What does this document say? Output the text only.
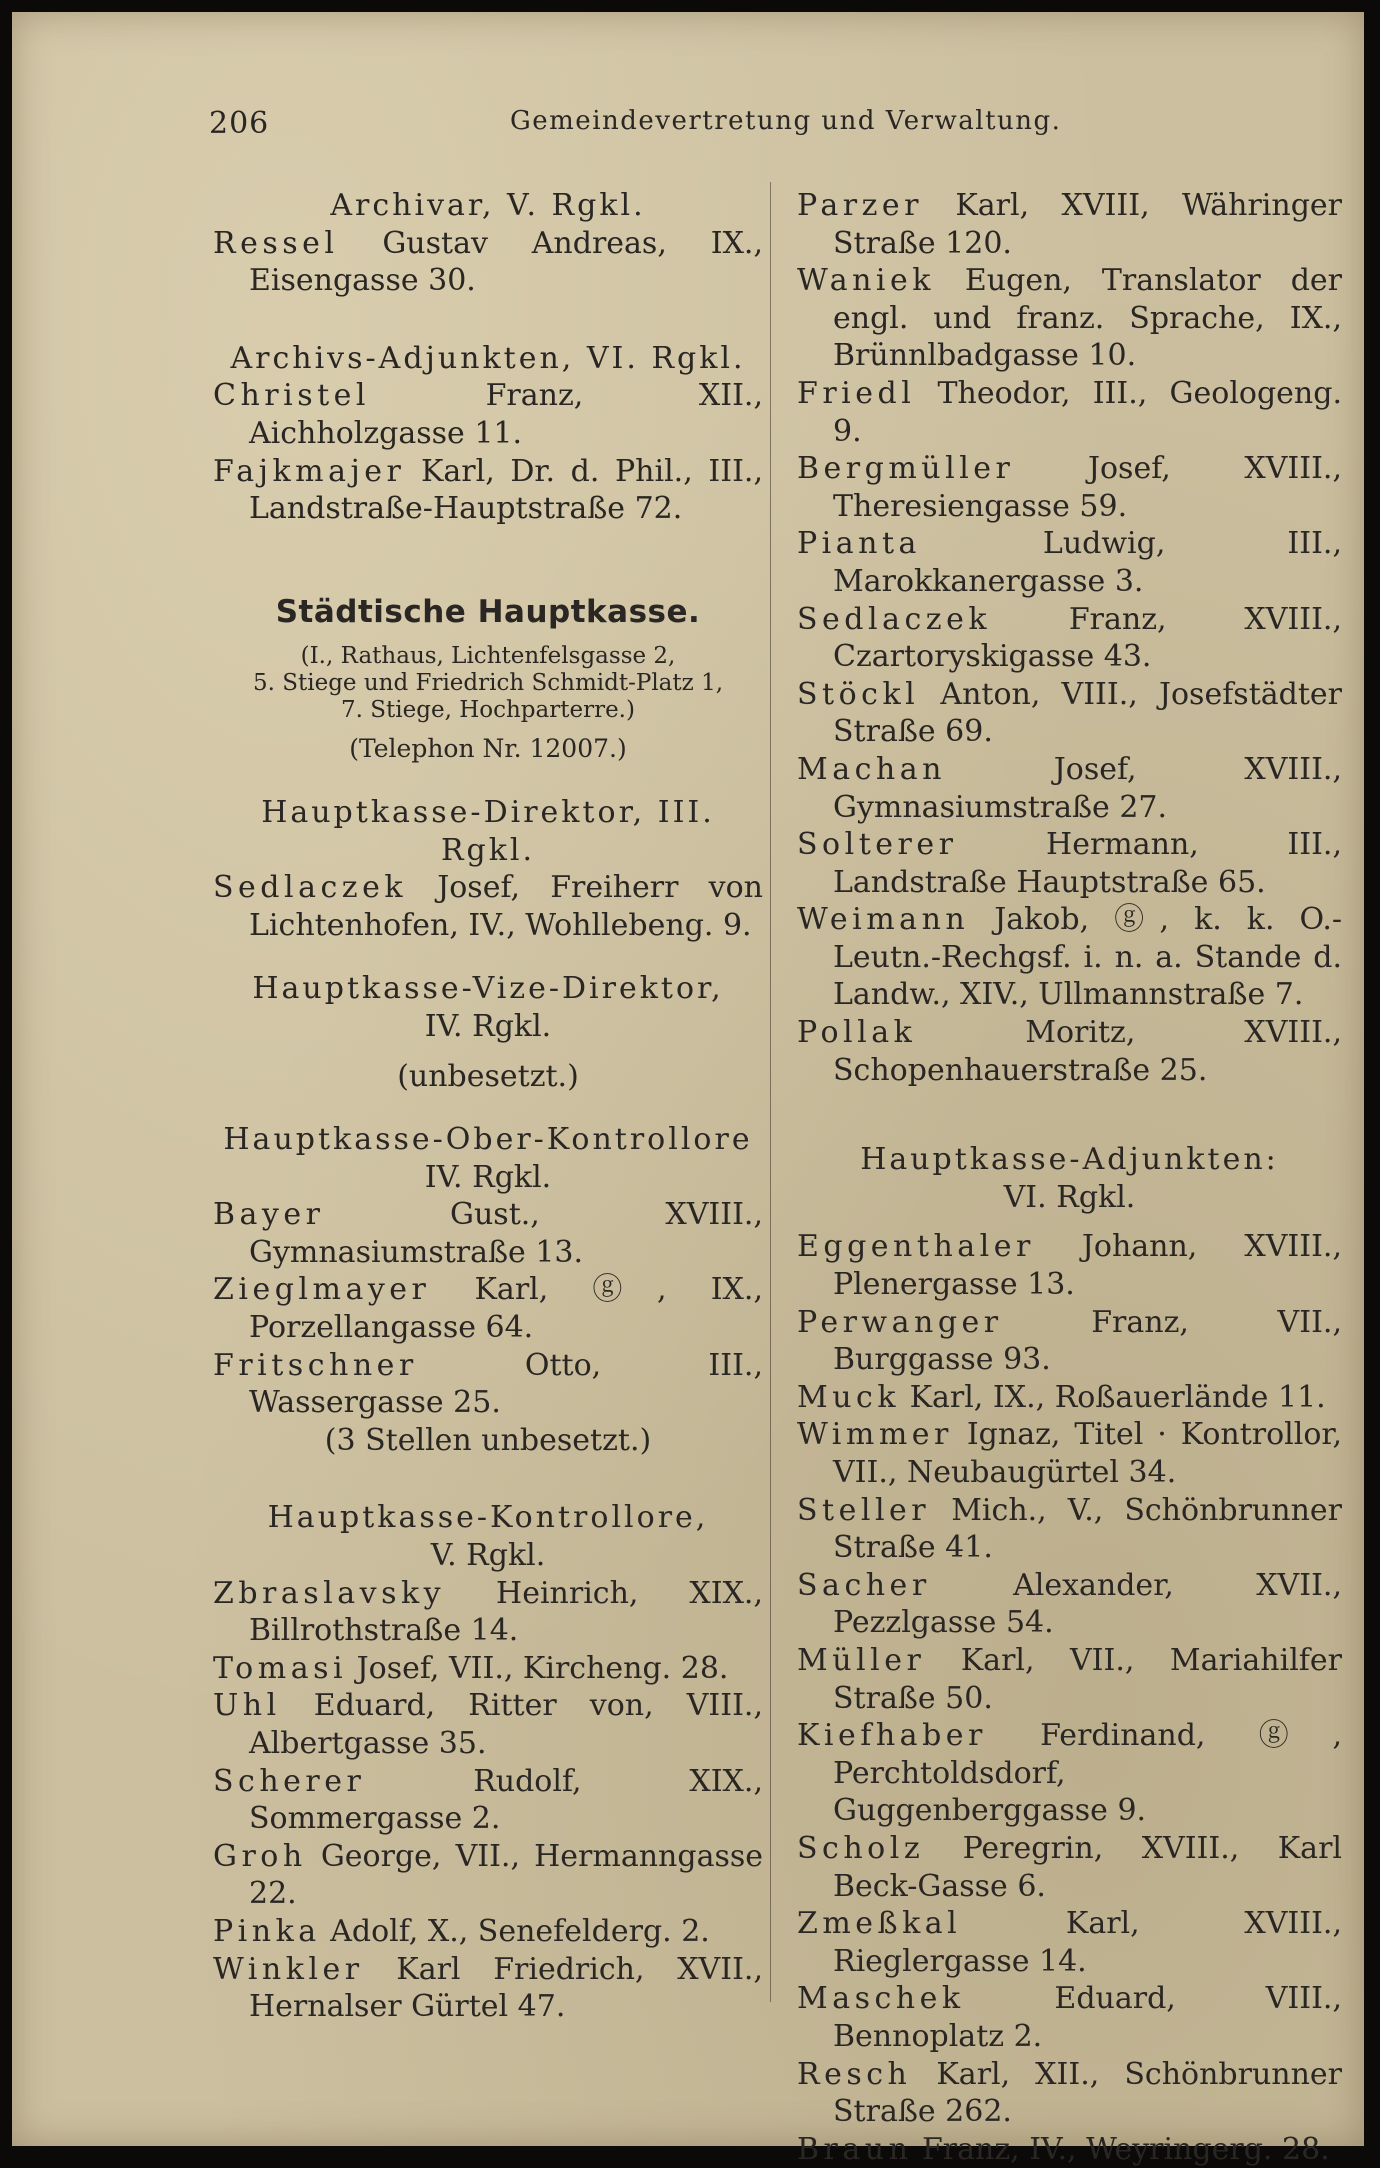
206	Gemeindevertretung und Verwaltung.

Archivar, V. Rgkl.

Ressel Gustav Andreas, IX., Eisengasse 30.

Archivs-Adjunkten, VI. Rgkl.

Christel Franz, XII., Aichholzgasse 11.

Fajkmajer Karl, Dr. d. Phil., III., Landstraße-Hauptstraße 72.

Städtische Hauptkasse.

(I., Rathaus, Lichtenfelsgasse 2,

5. Stiege und Friedrich Schmidt-Platz 1,

7. Stiege, Hochparterre.)

(Telephon Nr. 12007.)

Hauptkasse-Direktor, III. Rgkl.

Sedlaczek Josef, Freiherr von Lichtenhofen, IV., Wohllebeng. 9.

Hauptkasse-Vize-Direktor,

IV. Rgkl.

(unbesetzt.)

Hauptkasse-Ober-Kontrollore

IV. Rgkl.

Bayer Gust., XVIII., Gymnasiumstraße 13.

Zieglmayer Karl, ⓖ, IX., Porzellangasse 64.

Fritschner Otto, III., Wassergasse 25.

(3 Stellen unbesetzt.)

Hauptkasse-Kontrollore,

V. Rgkl.

Zbraslavsky Heinrich, XIX., Billrothstraße 14.

Tomasi Josef, VII., Kircheng. 28.

Uhl Eduard, Ritter von, VIII., Albertgasse 35.

Scherer Rudolf, XIX., Sommergasse 2.

Groh George, VII., Hermanngasse 22.

Pinka Adolf, X., Senefelderg. 2.

Winkler Karl Friedrich, XVII., Hernalser Gürtel 47.

Parzer Karl, XVIII, Währinger Straße 120.

Waniek Eugen, Translator der engl. und franz. Sprache, IX., Brünnlbadgasse 10.

Friedl Theodor, III., Geologeng. 9.

Bergmüller Josef, XVIII., Theresiengasse 59.

Pianta Ludwig, III., Marokkanergasse 3.

Sedlaczek Franz, XVIII., Czartoryskigasse 43.

Stöckl Anton, VIII., Josefstädter Straße 69.

Machan Josef, XVIII., Gymnasiumstraße 27.

Solterer Hermann, III., Landstraße Hauptstraße 65.

Weimann Jakob, ⓖ, k. k. O.-Leutn.-Rechgsf. i. n. a. Stande d. Landw., XIV., Ullmannstraße 7.

Pollak Moritz, XVIII., Schopenhauerstraße 25.

Hauptkasse-Adjunkten:

VI. Rgkl.

Eggenthaler Johann, XVIII., Plenergasse 13.

Perwanger Franz, VII., Burggasse 93.

Muck Karl, IX., Roßauerlände 11.

Wimmer Ignaz, Titel · Kontrollor, VII., Neubaugürtel 34.

Steller Mich., V., Schönbrunner Straße 41.

Sacher Alexander, XVII., Pezzlgasse 54.

Müller Karl, VII., Mariahilfer Straße 50.

Kiefhaber Ferdinand, ⓖ, Perchtoldsdorf, Guggenberggasse 9.

Scholz Peregrin, XVIII., Karl Beck-Gasse 6.

Zmeßkal Karl, XVIII., Rieglergasse 14.

Maschek Eduard, VIII., Bennoplatz 2.

Resch Karl, XII., Schönbrunner Straße 262.

Braun Franz, IV., Weyringerg. 28.
